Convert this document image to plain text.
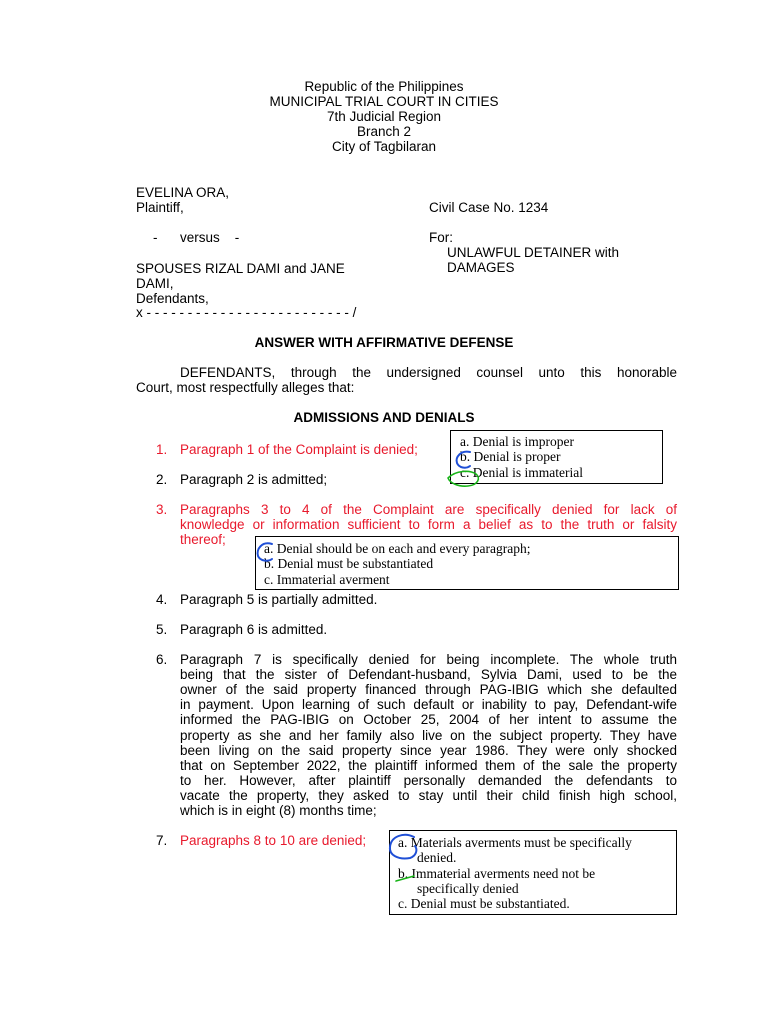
Republic of the Philippines
MUNICIPAL TRIAL COURT IN CITIES
7th Judicial Region
Branch 2
City of Tagbilaran
EVELINA ORA,
Plaintiff,	Civil Case No. 1234
-      versus    -	For:
UNLAWFUL DETAINER with
DAMAGES
SPOUSES RIZAL DAMI and JANE
DAMI,
Defendants,
x - - - - - - - - - - - - - - - - - - - - - - - - - /
ANSWER WITH AFFIRMATIVE DEFENSE
DEFENDANTS, through the undersigned counsel unto this honorable
Court, most respectfully alleges that:
ADMISSIONS AND DENIALS
1. Paragraph 1 of the Complaint is denied;
2. Paragraph 2 is admitted;
3. Paragraphs 3 to 4 of the Complaint are specifically denied for lack of
knowledge or information sufficient to form a belief as to the truth or falsity
thereof;
4. Paragraph 5 is partially admitted.
5. Paragraph 6 is admitted.
6. Paragraph 7 is specifically denied for being incomplete. The whole truth
being that the sister of Defendant-husband, Sylvia Dami, used to be the
owner of the said property financed through PAG-IBIG which she defaulted
in payment. Upon learning of such default or inability to pay, Defendant-wife
informed the PAG-IBIG on October 25, 2004 of her intent to assume the
property as she and her family also live on the subject property. They have
been living on the said property since year 1986. They were only shocked
that on September 2022, the plaintiff informed them of the sale the property
to her. However, after plaintiff personally demanded the defendants to
vacate the property, they asked to stay until their child finish high school,
which is in eight (8) months time;
7. Paragraphs 8 to 10 are denied;
a. Denial is improper
b. Denial is proper
c. Denial is immaterial
a. Denial should be on each and every paragraph;
b. Denial must be substantiated
c. Immaterial averment
a. Materials averments must be specifically
denied.
b. Immaterial averments need not be
specifically denied
c. Denial must be substantiated.
